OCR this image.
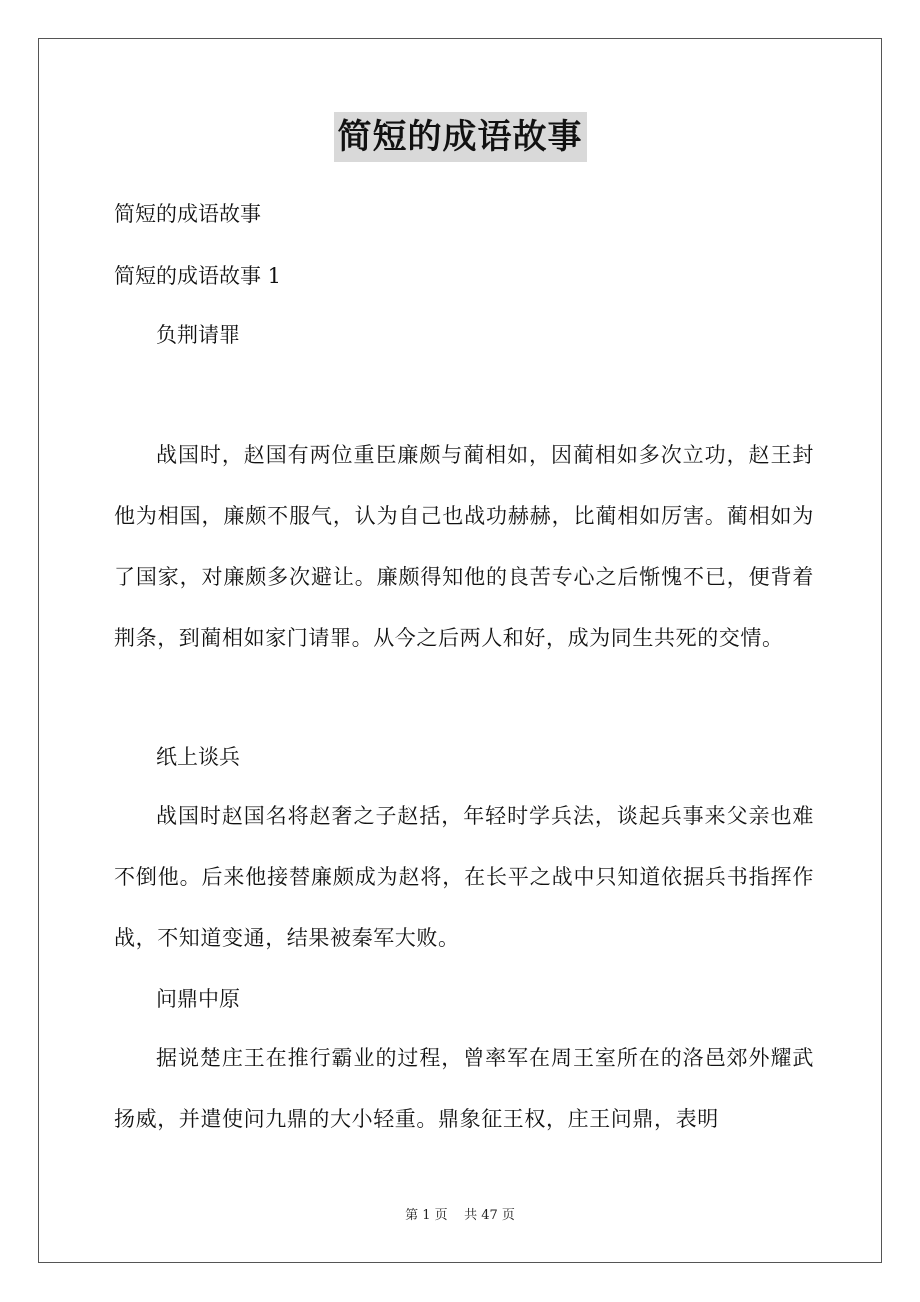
简短的成语故事
简短的成语故事
简短的成语故事 1
负荆请罪
战国时，赵国有两位重臣廉颇与蔺相如，因蔺相如多次立功，赵王封他为相国，廉颇不服气，认为自己也战功赫赫，比蔺相如厉害。蔺相如为了国家，对廉颇多次避让。廉颇得知他的良苦专心之后惭愧不已，便背着荆条，到蔺相如家门请罪。从今之后两人和好，成为同生共死的交情。
纸上谈兵
战国时赵国名将赵奢之子赵括，年轻时学兵法，谈起兵事来父亲也难不倒他。后来他接替廉颇成为赵将，在长平之战中只知道依据兵书指挥作战，不知道变通，结果被秦军大败。
问鼎中原
据说楚庄王在推行霸业的过程，曾率军在周王室所在的洛邑郊外耀武扬威，并遣使问九鼎的大小轻重。鼎象征王权，庄王问鼎，表明
第 1 页    共 47 页
